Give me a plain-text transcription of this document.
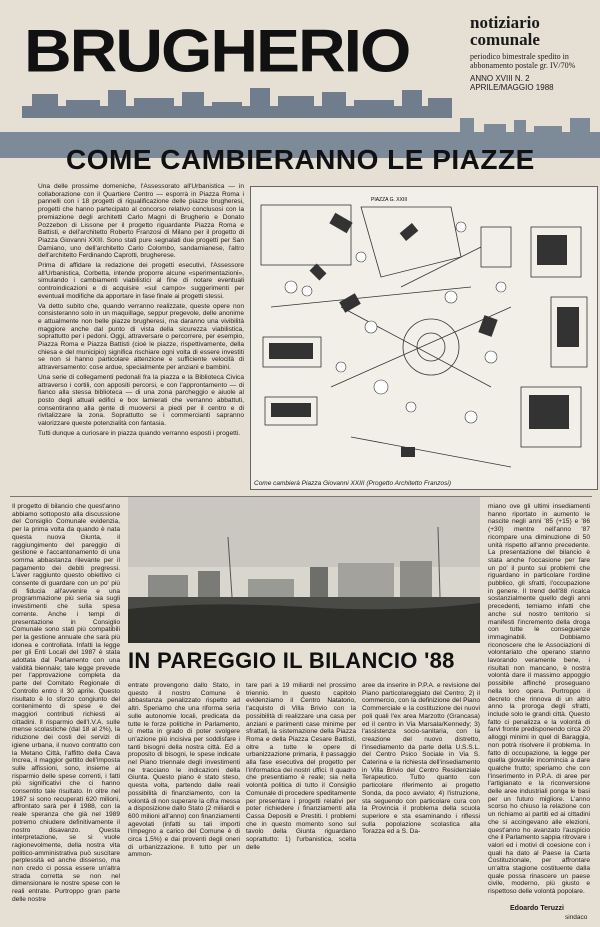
BRUGHERIO	notiziario
comunale
periodico bimestrale spedito in abbonamento postale gr. IV/70%
ANNO XVIII N. 2
APRILE/MAGGIO 1988
COME CAMBIERANNO LE PIAZZE

Una delle prossime domeniche, l'Assessorato all'Urbanistica — in collaborazione con il Quartiere Centro — esporrà in Piazza Roma i pannelli con i 18 progetti di riqualificazione delle piazze brugheresi, progetti che hanno partecipato al concorso relativo conclusosi con la premiazione degli architetti Carlo Magni di Brugherio e Donato Pozzebon di Lissone per il progetto riguardante Piazza Roma e Battisti, e dell'architetto Roberto Franzosi di Milano per il progetto di Piazza Giovanni XXIII. Sono stati pure segnalati due progetti per San Damiano, uno dell'architetto Carlo Colombo, sandamianese, l'altro dell'architetto Ferdinando Caprotti, brugherese.

Prima di affidare la redazione dei progetti esecutivi, l'Assessore all'Urbanistica, Corbetta, intende proporre alcune «sperimentazioni», simulando i cambiamenti viabilistici al fine di notare eventuali controindicazioni e di acquisire «sul campo» suggerimenti per eventuali modifiche da apportare in fase finale ai progetti stessi.

Va detto subito che, quando verranno realizzate, queste opere non consisteranno solo in un maquillage, seppur pregevole, delle anonime e attualmente non belle piazze brugheresi, ma daranno una vivibilità maggiore anche dal punto di vista della sicurezza viabilistica, soprattutto per i pedoni. Oggi, attraversare o percorrere, per esempio, Piazza Roma e Piazza Battisti (cioè le piazze, rispettivamente, della chiesa e del municipio) significa rischiare ogni volta di essere investiti se non si hanno particolare attenzione e sufficiente velocità di attraversamento: cose ardue, specialmente per anziani e bambini.

Una serie di collegamenti pedonali fra la piazza e la Biblioteca Civica attraverso i cortili, con appositi percorsi, e con l'approntamento — di fianco alla stessa biblioteca — di una zona parcheggio e aiuole al posto degli attuali edifici e box lamierati che verranno abbattuti, consentiranno alla gente di muoversi a piedi per il centro e di rivitalizzare la zona. Soprattutto se i commercianti sapranno valorizzare queste potenzialità con fantasia.

Tutti dunque a curiosare in piazza quando verranno esposti i progetti.

PIAZZA G. XXIII
Come cambierà Piazza Giovanni XXIII (Progetto Architetto Franzosi)
Il progetto di bilancio che quest'anno abbiamo sottoposto alla discussione del Consiglio Comunale evidenzia, per la prima volta da quando è nata questa nuova Giunta, il raggiungimento del pareggio di gestione e l'accantonamento di una somma abbastanza rilevante per il pagamento dei debiti pregressi. L'aver raggiunto questo obiettivo ci consente di guardare con un po' più di fiducia all'avvenire e una programmazione più seria sia sugli investimenti che sulla spesa corrente. Anche i tempi di presentazione in Consiglio Comunale sono stati più compatibili per la gestione annuale che sarà più idonea e controllata. Infatti la legge per gli Enti Locali del 1987 è stata adottata dal Parlamento con una validità biennale; tale legge prevede per l'approvazione completa da parte del Comitato Regionale di Controllo entro il 30 aprile. Questo risultato è lo sforzo congiunto del contenimento di spese e dei maggiori contributi richiesti ai cittadini. Il risparmio dell'I.V.A. sulle mense scolastiche (dal 18 al 2%), la riduzione dei costi dei servizi di igiene urbana, il nuovo contratto con la Metano Città, l'affitto della Cava Increa, il maggior gettito dell'imposta sulle affissioni, sono, insieme al risparmio delle spese correnti, i fatti più significativi che ci hanno consentito tale risultato. In oltre nel 1987 si sono recuperati 620 milioni, affrontato sarà per il 1988, con la reale speranza che già nel 1989 potremo chiudere definitivamente il nostro disavanzo. Questa interpretazione, se si vuole ragionevolmente, della nostra vita politico-amministrativa può suscitare perplessità ed anche dissenso, ma non credo ci possa essere un'altra strada corretta se non nel dimensionare le nostre spese con le reali entrate. Purtroppo gran parte delle nostre
IN PAREGGIO IL BILANCIO '88
entrate provengono dallo Stato, in questo il nostro Comune è abbastanza penalizzato rispetto ad altri. Speriamo che una riforma seria sulle autonomie locali, predicata da tutte le forze politiche in Parlamento, ci metta in grado di poter svolgere un'azione più incisiva per soddisfare i tanti bisogni della nostra città. Ed a proposito di bisogni, le spese indicate nel Piano triennale degli investimenti ne tracciano le indicazioni della Giunta. Questo piano è stato steso, questa volta, partendo dalle reali possibilità di finanziamento, con la volontà di non superare la cifra messa a disposizione dallo Stato (2 miliardi e 600 milioni all'anno) con finanziamenti agevolati (infatti su tali importi l'impegno a carico del Comune è di circa 1,5%) e dai proventi degli oneri di urbanizzazione. Il tutto per un ammon-
tare pari a 19 miliardi nel prossimo triennio. In questo capitolo evidenziamo il Centro Natatorio, l'acquisto di Villa Brivio con la possibilità di realizzare una casa per anziani e parimenti case minime per sfrattati, la sistemazione della Piazza Roma e della Piazza Cesare Battisti, oltre a tutte le opere di urbanizzazione primaria, il passaggio alla fase esecutiva del progetto per l'informatica dei nostri uffici. Il quadro che presentiamo è reale; sia nella volontà politica di tutto il Consiglio Comunale di procedere speditamente per presentare i progetti relativi per poter richiedere i finanziamenti alla Cassa Depositi e Prestiti. I problemi che in questo momento sono sul tavolo della Giunta riguardano soprattutto: 1) l'urbanistica, scelta delle
aree da inserire in P.P.A. e revisione del Piano particolareggiato del Centro; 2) il commercio, con la definizione del Piano Commerciale e la costituzione dei nuovi poli quali l'ex area Marzotto (Grancasa) ed il centro in Via Marsala/Kennedy; 3) l'assistenza socio-sanitaria, con la creazione del nuovo distretto, l'insediamento da parte della U.S.S.L. del Centro Psico Sociale in Via S. Caterina e la richiesta dell'insediamento in Villa Brivio del Centro Residenziale Terapeutico. Tutto quanto con particolare riferimento ai progetto Sonda, da poco avviato; 4) l'istruzione, sta seguendo con particolare cura con la Provincia il problema della scuola superiore e sta esaminando i riflessi sulla popolazione scolastica alla Torazza ed a S. Da-
miano ove gli ultimi insediamenti hanno riportato in aumento le nascite negli anni '85 (+15) e '86 (+30) mentre nell'anno '87 ricompare una diminuzione di 50 unità rispetto all'anno precedente. La presentazione del bilancio è stata anche l'occasione per fare un po' il punto sui problemi che riguardano in particolare l'ordine pubblico, gli sfratti, l'occupazione in genere. Il trend dell'88 ricalca sostanzialmente quello degli anni precedenti, temiamo infatti che anche sul nostro territorio si manifesti l'incremento della droga con tutte le conseguenze immaginabili. Dobbiamo riconoscere che le Associazioni di volontariato che operano stanno lavorando veramente bene, i risultati non mancano, è nostra volontà dare il massimo appoggio possibile affinché proseguano nella loro opera. Purtroppo il decreto che rinnova di un altro anno la proroga degli sfratti, include solo le grandi città. Questo fatto ci penalizza e la volontà di farvi fronte predisponendo circa 20 alloggi minimi in quel di Baraggia, non potrà risolvere il problema. In fatto di occupazione, la legge per quella giovanile incomincia a dare qualche frutto; speriamo che con l'inserimento in P.P.A. di aree per l'artigianato e la riconversione delle aree industriali ponga le basi per un futuro migliore. L'anno scorso ho chiuso la relazione con un richiamo ai partiti ed ai cittadini che si accingevano alle elezioni, quest'anno ho avanzato l'auspicio che il Parlamento sappia ritrovare i valori ed i motivi di coesione con i quali ha dato al Paese la Carta Costituzionale, per affrontare un'altra stagione costituente dalla quale possa rinascere un paese civile, moderno, più giusto e rispettoso delle volontà popolare.
Edoardo Teruzzi
sindaco
